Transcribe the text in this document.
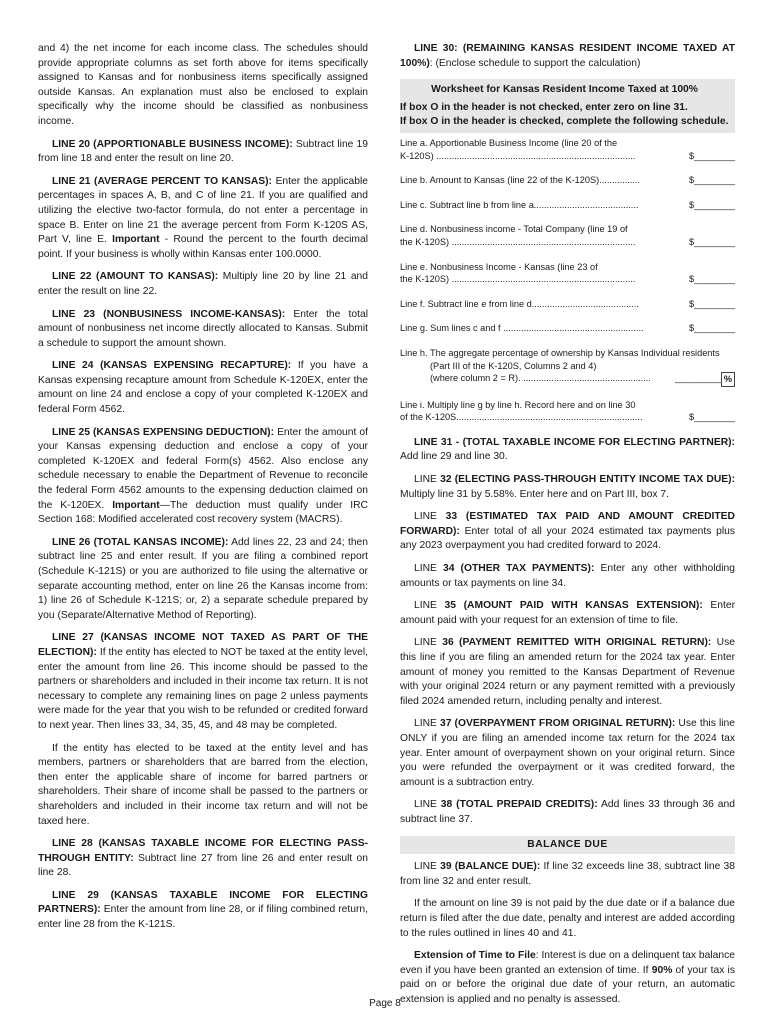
and 4) the net income for each income class. The schedules should provide appropriate columns as set forth above for items specifically assigned to Kansas and for nonbusiness items specifically assigned outside Kansas. An explanation must also be enclosed to explain specifically why the income should be classified as nonbusiness income.

LINE 20 (APPORTIONABLE BUSINESS INCOME): Subtract line 19 from line 18 and enter the result on line 20.

LINE 21 (AVERAGE PERCENT TO KANSAS): Enter the applicable percentages in spaces A, B, and C of line 21. If you are qualified and utilizing the elective two-factor formula, do not enter a percentage in space B. Enter on line 21 the average percent from Form K-120S AS, Part V, line E. Important - Round the percent to the fourth decimal point. If your business is wholly within Kansas enter 100.0000.

LINE 22 (AMOUNT TO KANSAS): Multiply line 20 by line 21 and enter the result on line 22.

LINE 23 (NONBUSINESS INCOME-KANSAS): Enter the total amount of nonbusiness net income directly allocated to Kansas. Submit a schedule to support the amount shown.

LINE 24 (KANSAS EXPENSING RECAPTURE): If you have a Kansas expensing recapture amount from Schedule K-120EX, enter the amount on line 24 and enclose a copy of your completed K-120EX and federal Form 4562.

LINE 25 (KANSAS EXPENSING DEDUCTION): Enter the amount of your Kansas expensing deduction and enclose a copy of your completed K-120EX and federal Form(s) 4562. Also enclose any schedule necessary to enable the Department of Revenue to reconcile the federal Form 4562 amounts to the expensing deduction claimed on the K-120EX. Important—The deduction must qualify under IRC Section 168: Modified accelerated cost recovery system (MACRS).

LINE 26 (TOTAL KANSAS INCOME): Add lines 22, 23 and 24; then subtract line 25 and enter result. If you are filing a combined report (Schedule K-121S) or you are authorized to file using the alternative or separate accounting method, enter on line 26 the Kansas income from: 1) line 26 of Schedule K-121S; or, 2) a separate schedule prepared by you (Separate/Alternative Method of Reporting).

LINE 27 (KANSAS INCOME NOT TAXED AS PART OF THE ELECTION): If the entity has elected to NOT be taxed at the entity level, enter the amount from line 26. This income should be passed to the partners or shareholders and included in their income tax return. It is not necessary to complete any remaining lines on page 2 unless payments were made for the year that you wish to be refunded or credited forward to next year. Then lines 33, 34, 35, 45, and 48 may be completed.

If the entity has elected to be taxed at the entity level and has members, partners or shareholders that are barred from the election, then enter the applicable share of income for barred partners or shareholders. Their share of income shall be passed to the partners or shareholders and included in their income tax return and will not be taxed here.

LINE 28 (KANSAS TAXABLE INCOME FOR ELECTING PASS-THROUGH ENTITY: Subtract line 27 from line 26 and enter result on line 28.

LINE 29 (KANSAS TAXABLE INCOME FOR ELECTING PARTNERS): Enter the amount from line 28, or if filing combined return, enter line 28 from the K-121S.

LINE 30: (REMAINING KANSAS RESIDENT INCOME TAXED AT 100%): (Enclose schedule to support the calculation)

Worksheet for Kansas Resident Income Taxed at 100%
If box O in the header is not checked, enter zero on line 31.
If box O in the header is checked, complete the following schedule.
Line a. Apportionable Business Income (line 20 of the
K-120S) ..............................................................................	$________
Line b. Amount to Kansas (line 22 of the K-120S)................	$________
Line c. Subtract line b from line a.........................................	$________
Line d. Nonbusiness income - Total Company (line 19 of
the K-120S) ........................................................................	$________
Line e. Nonbusiness Income - Kansas (line 23 of
the K-120S) ........................................................................	$________
Line f. Subtract line e from line d..........................................	$________
Line g. Sum lines c and f .......................................................	$________
Line h. The aggregate percentage of ownership by Kansas Individual residents
(Part III of the K-120S, Columns 2 and 4)
(where column 2 = R). ..................................................	_________ %
Line i. Multiply line g by line h. Record here and on line 30
of the K-120S.........................................................................	$________

LINE 31 - (TOTAL TAXABLE INCOME FOR ELECTING PARTNER): Add line 29 and line 30.

LINE 32 (ELECTING PASS-THROUGH ENTITY INCOME TAX DUE): Multiply line 31 by 5.58%. Enter here and on Part III, box 7.

LINE 33 (ESTIMATED TAX PAID AND AMOUNT CREDITED FORWARD): Enter total of all your 2024 estimated tax payments plus any 2023 overpayment you had credited forward to 2024.

LINE 34 (OTHER TAX PAYMENTS): Enter any other withholding amounts or tax payments on line 34.

LINE 35 (AMOUNT PAID WITH KANSAS EXTENSION): Enter amount paid with your request for an extension of time to file.

LINE 36 (PAYMENT REMITTED WITH ORIGINAL RETURN): Use this line if you are filing an amended return for the 2024 tax year. Enter amount of money you remitted to the Kansas Department of Revenue with your original 2024 return or any payment remitted with a previously filed 2024 amended return, including penalty and interest.

LINE 37 (OVERPAYMENT FROM ORIGINAL RETURN): Use this line ONLY if you are filing an amended income tax return for the 2024 tax year. Enter amount of overpayment shown on your original return. Since you were refunded the overpayment or it was credited forward, the amount is a subtraction entry.

LINE 38 (TOTAL PREPAID CREDITS): Add lines 33 through 36 and subtract line 37.

BALANCE DUE

LINE 39 (BALANCE DUE): If line 32 exceeds line 38, subtract line 38 from line 32 and enter result.

If the amount on line 39 is not paid by the due date or if a balance due return is filed after the due date, penalty and interest are added according to the rules outlined in lines 40 and 41.

Extension of Time to File: Interest is due on a delinquent tax balance even if you have been granted an extension of time. If 90% of your tax is paid on or before the original due date of your return, an automatic extension is applied and no penalty is assessed.

Page 8
